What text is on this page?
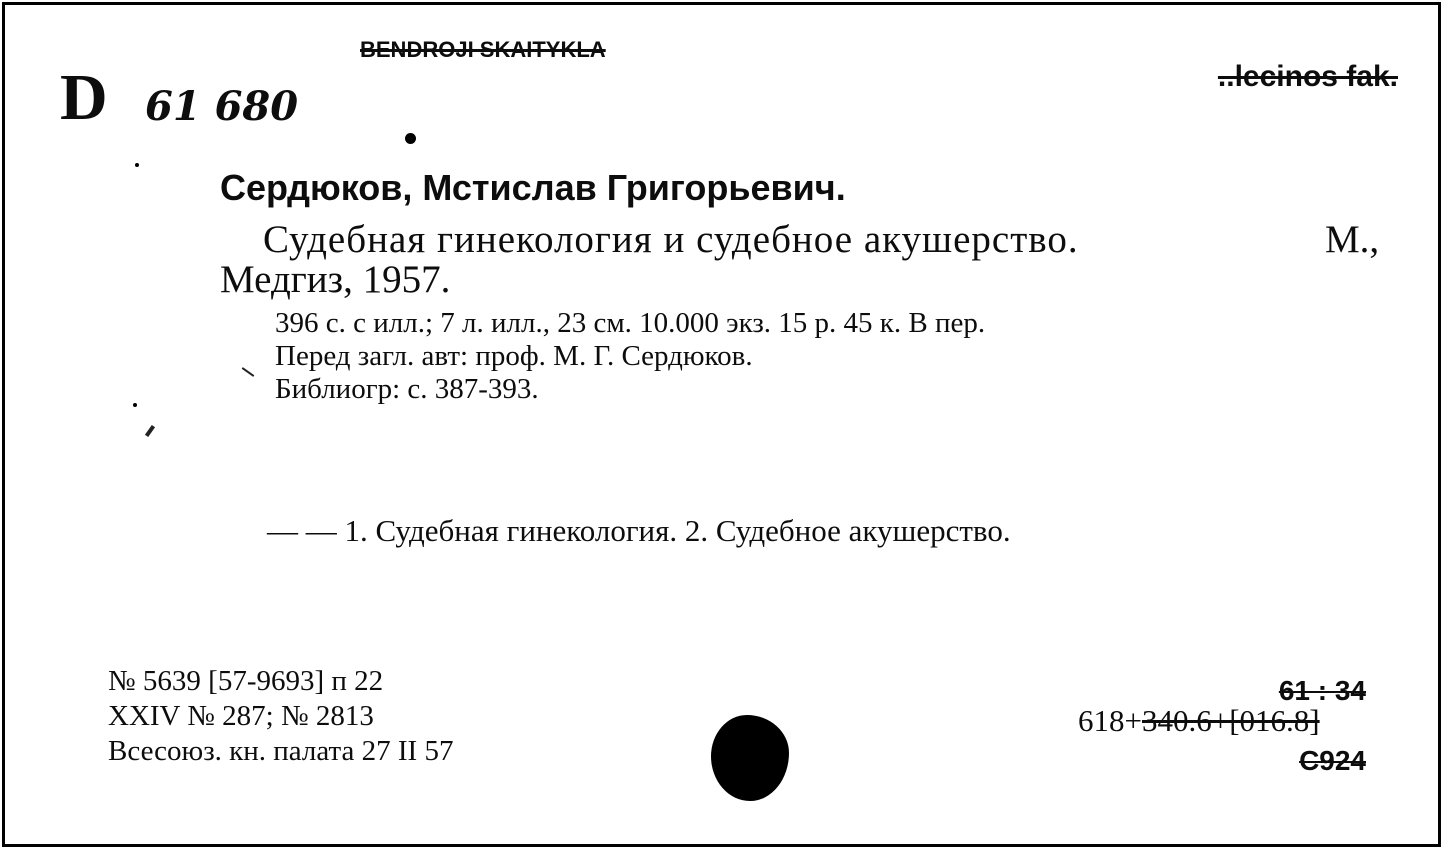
BENDROJI SKAITYKLA
..lecinos fak.
D 61 680
Сердюков, Мстислав Григорьевич.
Судебная гинекология и судебное акушерство.	М.,
Медгиз, 1957.
396 с. с илл.; 7 л. илл., 23 см. 10.000 экз. 15 р. 45 к. В пер.
Перед загл. авт: проф. М. Г. Сердюков.
Библиогр: с. 387-393.
— — 1. Судебная гинекология. 2. Судебное акушерство.
№ 5639 [57-9693] п 22
XXIV № 287; № 2813
Всесоюз. кн. палата 27 II 57
618+340.6+[016.8]
61 : 34
С924
